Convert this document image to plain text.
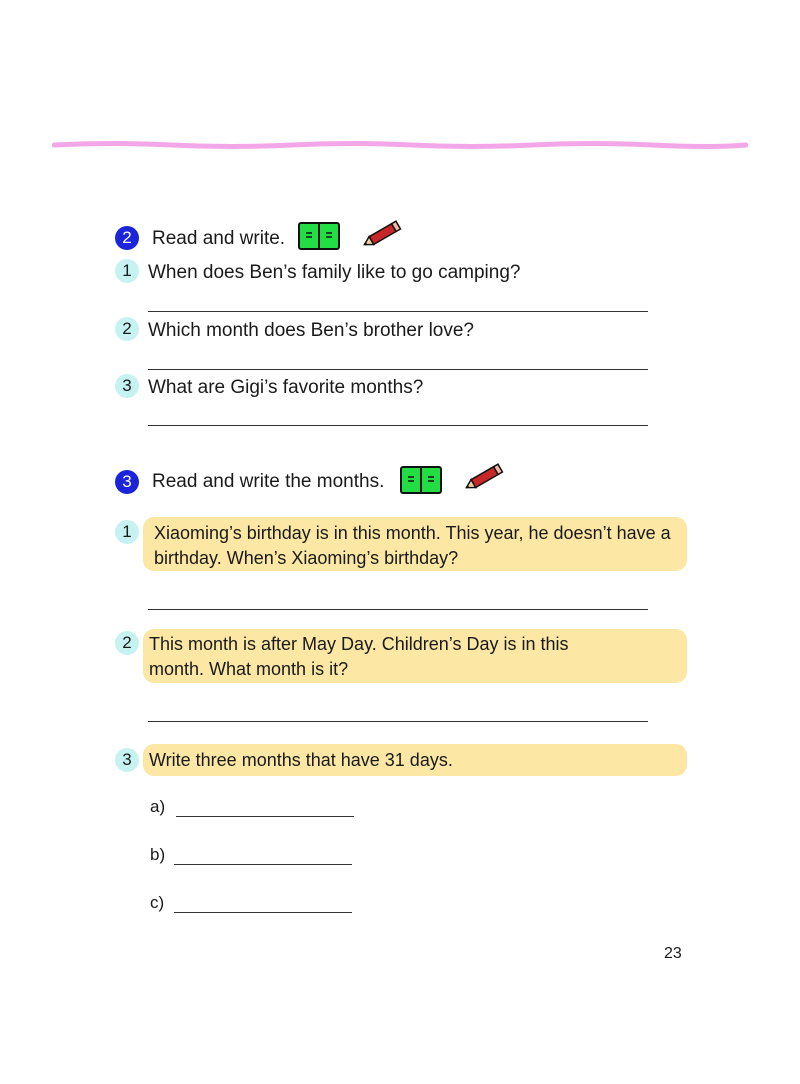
2	Read and write.
1 When does Ben’s family like to go camping?
2 Which month does Ben’s brother love?
3 What are Gigi’s favorite months?
3	Read and write the months.
1	Xiaoming’s birthday is in this month. This year, he doesn’t have a
birthday. When’s Xiaoming’s birthday?
2 This month is after May Day. Children’s Day is in this
month. What month is it?
3 Write three months that have 31 days.
a)
b)
c)
23
